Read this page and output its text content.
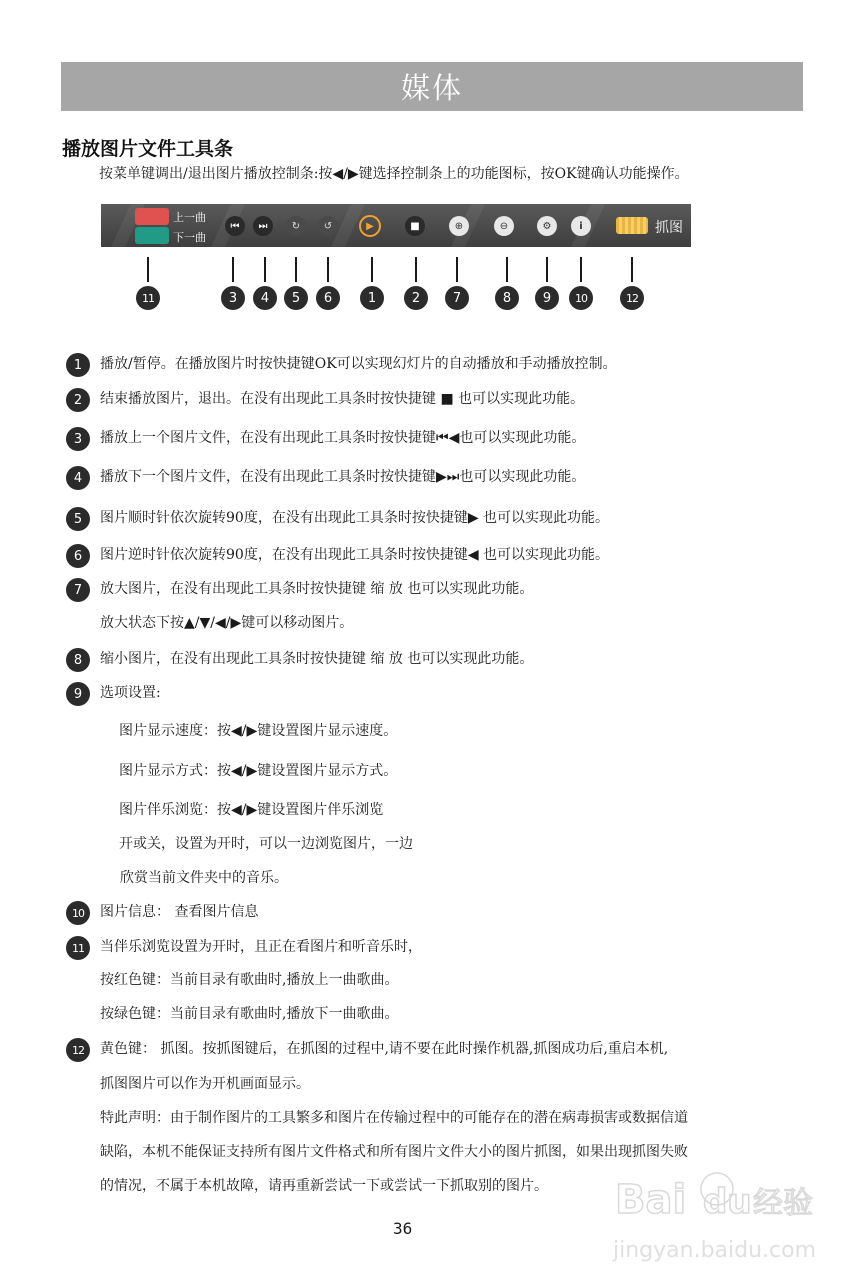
媒体
播放图片文件工具条
按菜单键调出/退出图片播放控制条:按◀/▶键选择控制条上的功能图标，按OK键确认功能操作。
上一曲
下一曲
⏮	⏭	↻	↺	▶	■	⊕	⊖	⚙	i	抓图
11	3	4	5	6	1	2	7	8	9	10	12
1	播放/暂停。在播放图片时按快捷键OK可以实现幻灯片的自动播放和手动播放控制。
2	结束播放图片，退出。在没有出现此工具条时按快捷键 ■ 也可以实现此功能。
3	播放上一个图片文件，在没有出现此工具条时按快捷键⏮◀也可以实现此功能。
4	播放下一个图片文件，在没有出现此工具条时按快捷键▶⏭也可以实现此功能。
5	图片顺时针依次旋转90度，在没有出现此工具条时按快捷键▶ 也可以实现此功能。
6	图片逆时针依次旋转90度，在没有出现此工具条时按快捷键◀ 也可以实现此功能。
7	放大图片，在没有出现此工具条时按快捷键 缩 放 也可以实现此功能。
放大状态下按▲/▼/◀/▶键可以移动图片。
8	缩小图片，在没有出现此工具条时按快捷键 缩 放 也可以实现此功能。
9	选项设置:
图片显示速度：按◀/▶键设置图片显示速度。
图片显示方式：按◀/▶键设置图片显示方式。
图片伴乐浏览：按◀/▶键设置图片伴乐浏览
开或关，设置为开时，可以一边浏览图片，一边
欣赏当前文件夹中的音乐。
10	图片信息： 查看图片信息
11	当伴乐浏览设置为开时，且正在看图片和听音乐时，
按红色键：当前目录有歌曲时,播放上一曲歌曲。
按绿色键：当前目录有歌曲时,播放下一曲歌曲。
12	黄色键： 抓图。按抓图键后，在抓图的过程中,请不要在此时操作机器,抓图成功后,重启本机,
抓图图片可以作为开机画面显示。
特此声明：由于制作图片的工具繁多和图片在传输过程中的可能存在的潜在病毒损害或数据信道
缺陷，本机不能保证支持所有图片文件格式和所有图片文件大小的图片抓图，如果出现抓图失败
的情况，不属于本机故障，请再重新尝试一下或尝试一下抓取别的图片。
36
Bai du 经验
jingyan.baidu.com
